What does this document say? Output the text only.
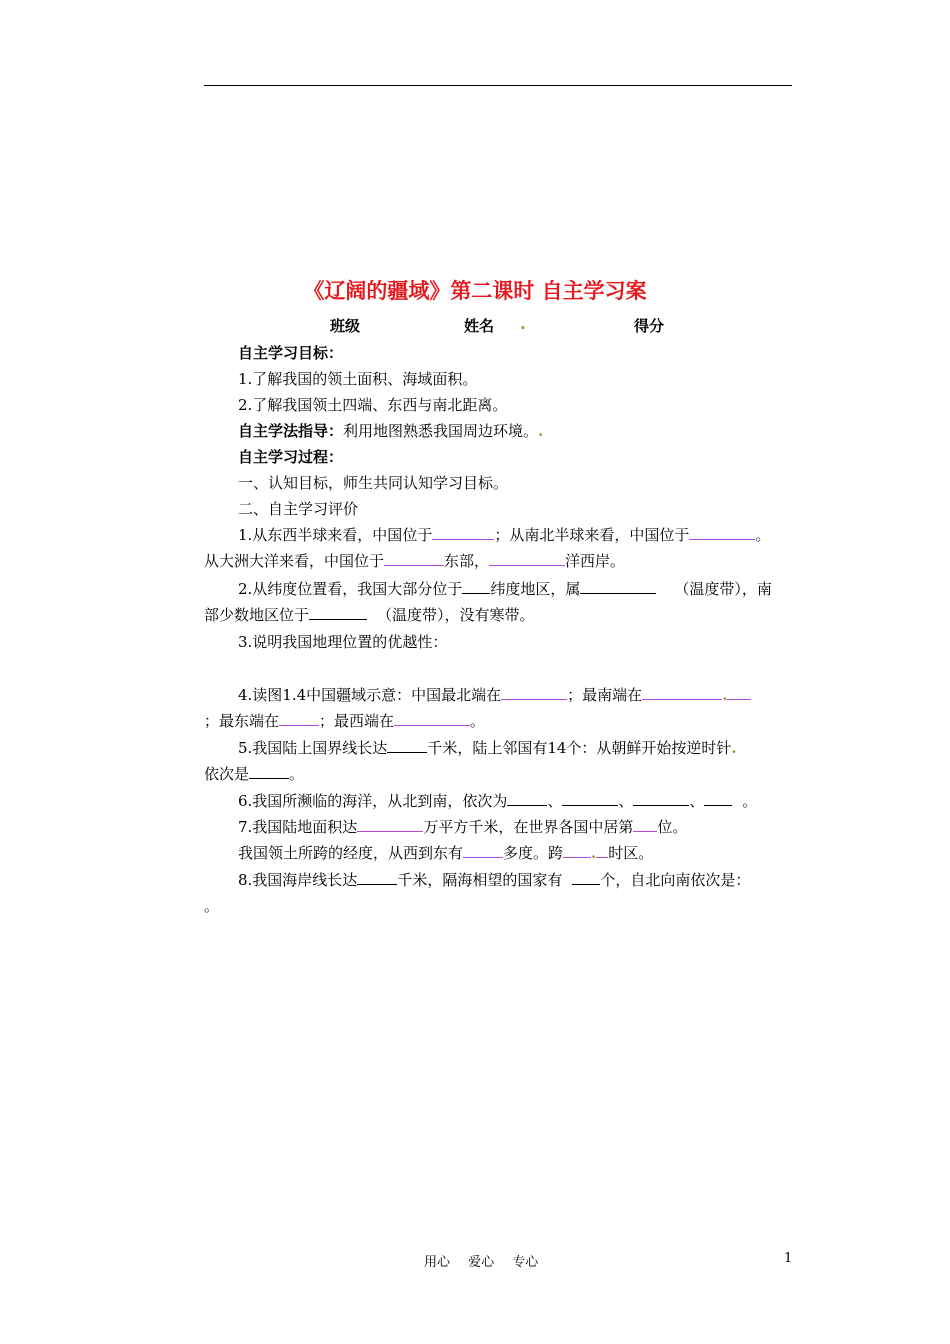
《辽阔的疆域》第二课时 自主学习案
班级	姓名 .	得分
自主学习目标：
1.了解我国的领土面积、海域面积。
2.了解我国领土四端、东西与南北距离。
自主学法指导：利用地图熟悉我国周边环境。.
自主学习过程：
一、认知目标，师生共同认知学习目标。
二、自主学习评价
1.从东西半球来看，中国位于	；从南北半球来看，中国位于	。
从大洲大洋来看，中国位于	东部，	洋西岸。
2.从纬度位置看，我国大部分位于 纬度地区，属	（温度带），南
部少数地区位于	（温度带），没有寒带。
3.说明我国地理位置的优越性：
4.读图1.4中国疆域示意：中国最北端在	；最南端在	.
；最东端在	；最西端在	。
5.我国陆上国界线长达	千米，陆上邻国有14个：从朝鲜开始按逆时针.
依次是	。
6.我国所濒临的海洋，从北到南，依次为	、	、	、	。
7.我国陆地面积达	万平方千米，在世界各国中居第 位。
我国领土所跨的经度，从西到东有	多度。跨 . 时区。
8.我国海岸线长达	千米，隔海相望的国家有	个，自北向南依次是：
。
用心 爱心 专心	1
